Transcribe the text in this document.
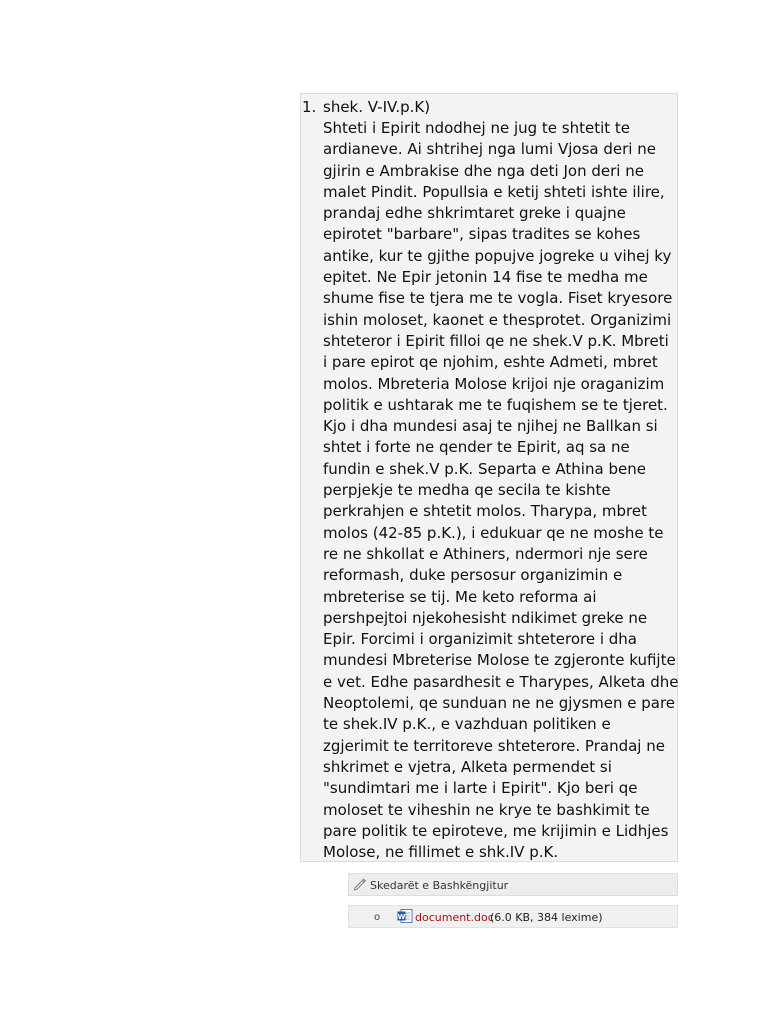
1. shek. V-IV.p.K)
Shteti i Epirit ndodhej ne jug te shtetit te
ardianeve. Ai shtrihej nga lumi Vjosa deri ne
gjirin e Ambrakise dhe nga deti Jon deri ne
malet Pindit. Popullsia e ketij shteti ishte ilire,
prandaj edhe shkrimtaret greke i quajne
epirotet "barbare", sipas tradites se kohes
antike, kur te gjithe popujve jogreke u vihej ky
epitet. Ne Epir jetonin 14 fise te medha me
shume fise te tjera me te vogla. Fiset kryesore
ishin moloset, kaonet e thesprotet. Organizimi
shteteror i Epirit filloi qe ne shek.V p.K. Mbreti
i pare epirot qe njohim, eshte Admeti, mbret
molos. Mbreteria Molose krijoi nje oraganizim
politik e ushtarak me te fuqishem se te tjeret.
Kjo i dha mundesi asaj te njihej ne Ballkan si
shtet i forte ne qender te Epirit, aq sa ne
fundin e shek.V p.K. Separta e Athina bene
perpjekje te medha qe secila te kishte
perkrahjen e shtetit molos. Tharypa, mbret
molos (42-85 p.K.), i edukuar qe ne moshe te
re ne shkollat e Athiners, ndermori nje sere
reformash, duke persosur organizimin e
mbreterise se tij. Me keto reforma ai
pershpejtoi njekohesisht ndikimet greke ne
Epir. Forcimi i organizimit shteterore i dha
mundesi Mbreterise Molose te zgjeronte kufijte
e vet. Edhe pasardhesit e Tharypes, Alketa dhe
Neoptolemi, qe sunduan ne ne gjysmen e pare
te shek.IV p.K., e vazhduan politiken e
zgjerimit te territoreve shteterore. Prandaj ne
shkrimet e vjetra, Alketa permendet si
"sundimtari me i larte i Epirit". Kjo beri qe
moloset te viheshin ne krye te bashkimit te
pare politik te epiroteve, me krijimin e Lidhjes
Molose, ne fillimet e shk.IV p.K.
Skedarët e Bashkëngjitur
o	W document.doc
(6.0 KB, 384 lexime)
